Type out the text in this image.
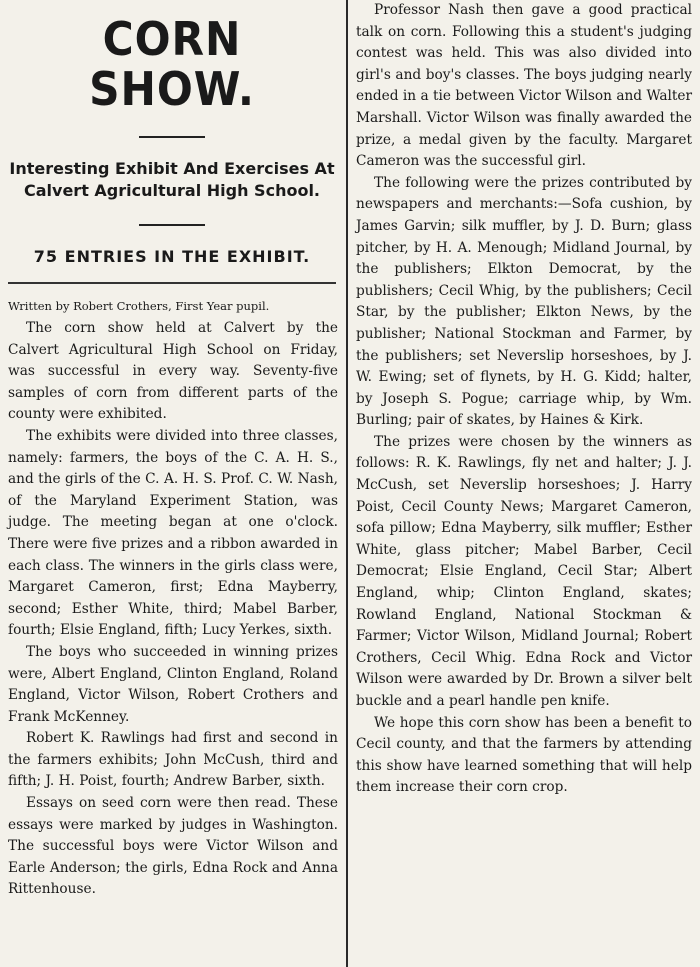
CORN SHOW.

Interesting Exhibit And Exercises At Calvert Agricultural High School.

75 ENTRIES IN THE EXHIBIT.

Written by Robert Crothers, First Year pupil.

The corn show held at Calvert by the Calvert Agricultural High School on Friday, was successful in every way. Seventy-five samples of corn from different parts of the county were exhibited.

The exhibits were divided into three classes, namely: farmers, the boys of the C. A. H. S., and the girls of the C. A. H. S. Prof. C. W. Nash, of the Maryland Experiment Station, was judge. The meeting began at one o'clock. There were five prizes and a ribbon awarded in each class. The winners in the girls class were, Margaret Cameron, first; Edna Mayberry, second; Esther White, third; Mabel Barber, fourth; Elsie England, fifth; Lucy Yerkes, sixth.

The boys who succeeded in winning prizes were, Albert England, Clinton England, Roland England, Victor Wilson, Robert Crothers and Frank McKenney.

Robert K. Rawlings had first and second in the farmers exhibits; John McCush, third and fifth; J. H. Poist, fourth; Andrew Barber, sixth.

Essays on seed corn were then read. These essays were marked by judges in Washington. The successful boys were Victor Wilson and Earle Anderson; the girls, Edna Rock and Anna Rittenhouse.

Professor Nash then gave a good practical talk on corn. Following this a student's judging contest was held. This was also divided into girl's and boy's classes. The boys judging nearly ended in a tie between Victor Wilson and Walter Marshall. Victor Wilson was finally awarded the prize, a medal given by the faculty. Margaret Cameron was the successful girl.

The following were the prizes contributed by newspapers and merchants:—Sofa cushion, by James Garvin; silk muffler, by J. D. Burn; glass pitcher, by H. A. Menough; Midland Journal, by the publishers; Elkton Democrat, by the publishers; Cecil Whig, by the publishers; Cecil Star, by the publisher; Elkton News, by the publisher; National Stockman and Farmer, by the publishers; set Neverslip horseshoes, by J. W. Ewing; set of flynets, by H. G. Kidd; halter, by Joseph S. Pogue; carriage whip, by Wm. Burling; pair of skates, by Haines & Kirk.

The prizes were chosen by the winners as follows: R. K. Rawlings, fly net and halter; J. J. McCush, set Neverslip horseshoes; J. Harry Poist, Cecil County News; Margaret Cameron, sofa pillow; Edna Mayberry, silk muffler; Esther White, glass pitcher; Mabel Barber, Cecil Democrat; Elsie England, Cecil Star; Albert England, whip; Clinton England, skates; Rowland England, National Stockman & Farmer; Victor Wilson, Midland Journal; Robert Crothers, Cecil Whig. Edna Rock and Victor Wilson were awarded by Dr. Brown a silver belt buckle and a pearl handle pen knife.

We hope this corn show has been a benefit to Cecil county, and that the farmers by attending this show have learned something that will help them increase their corn crop.
